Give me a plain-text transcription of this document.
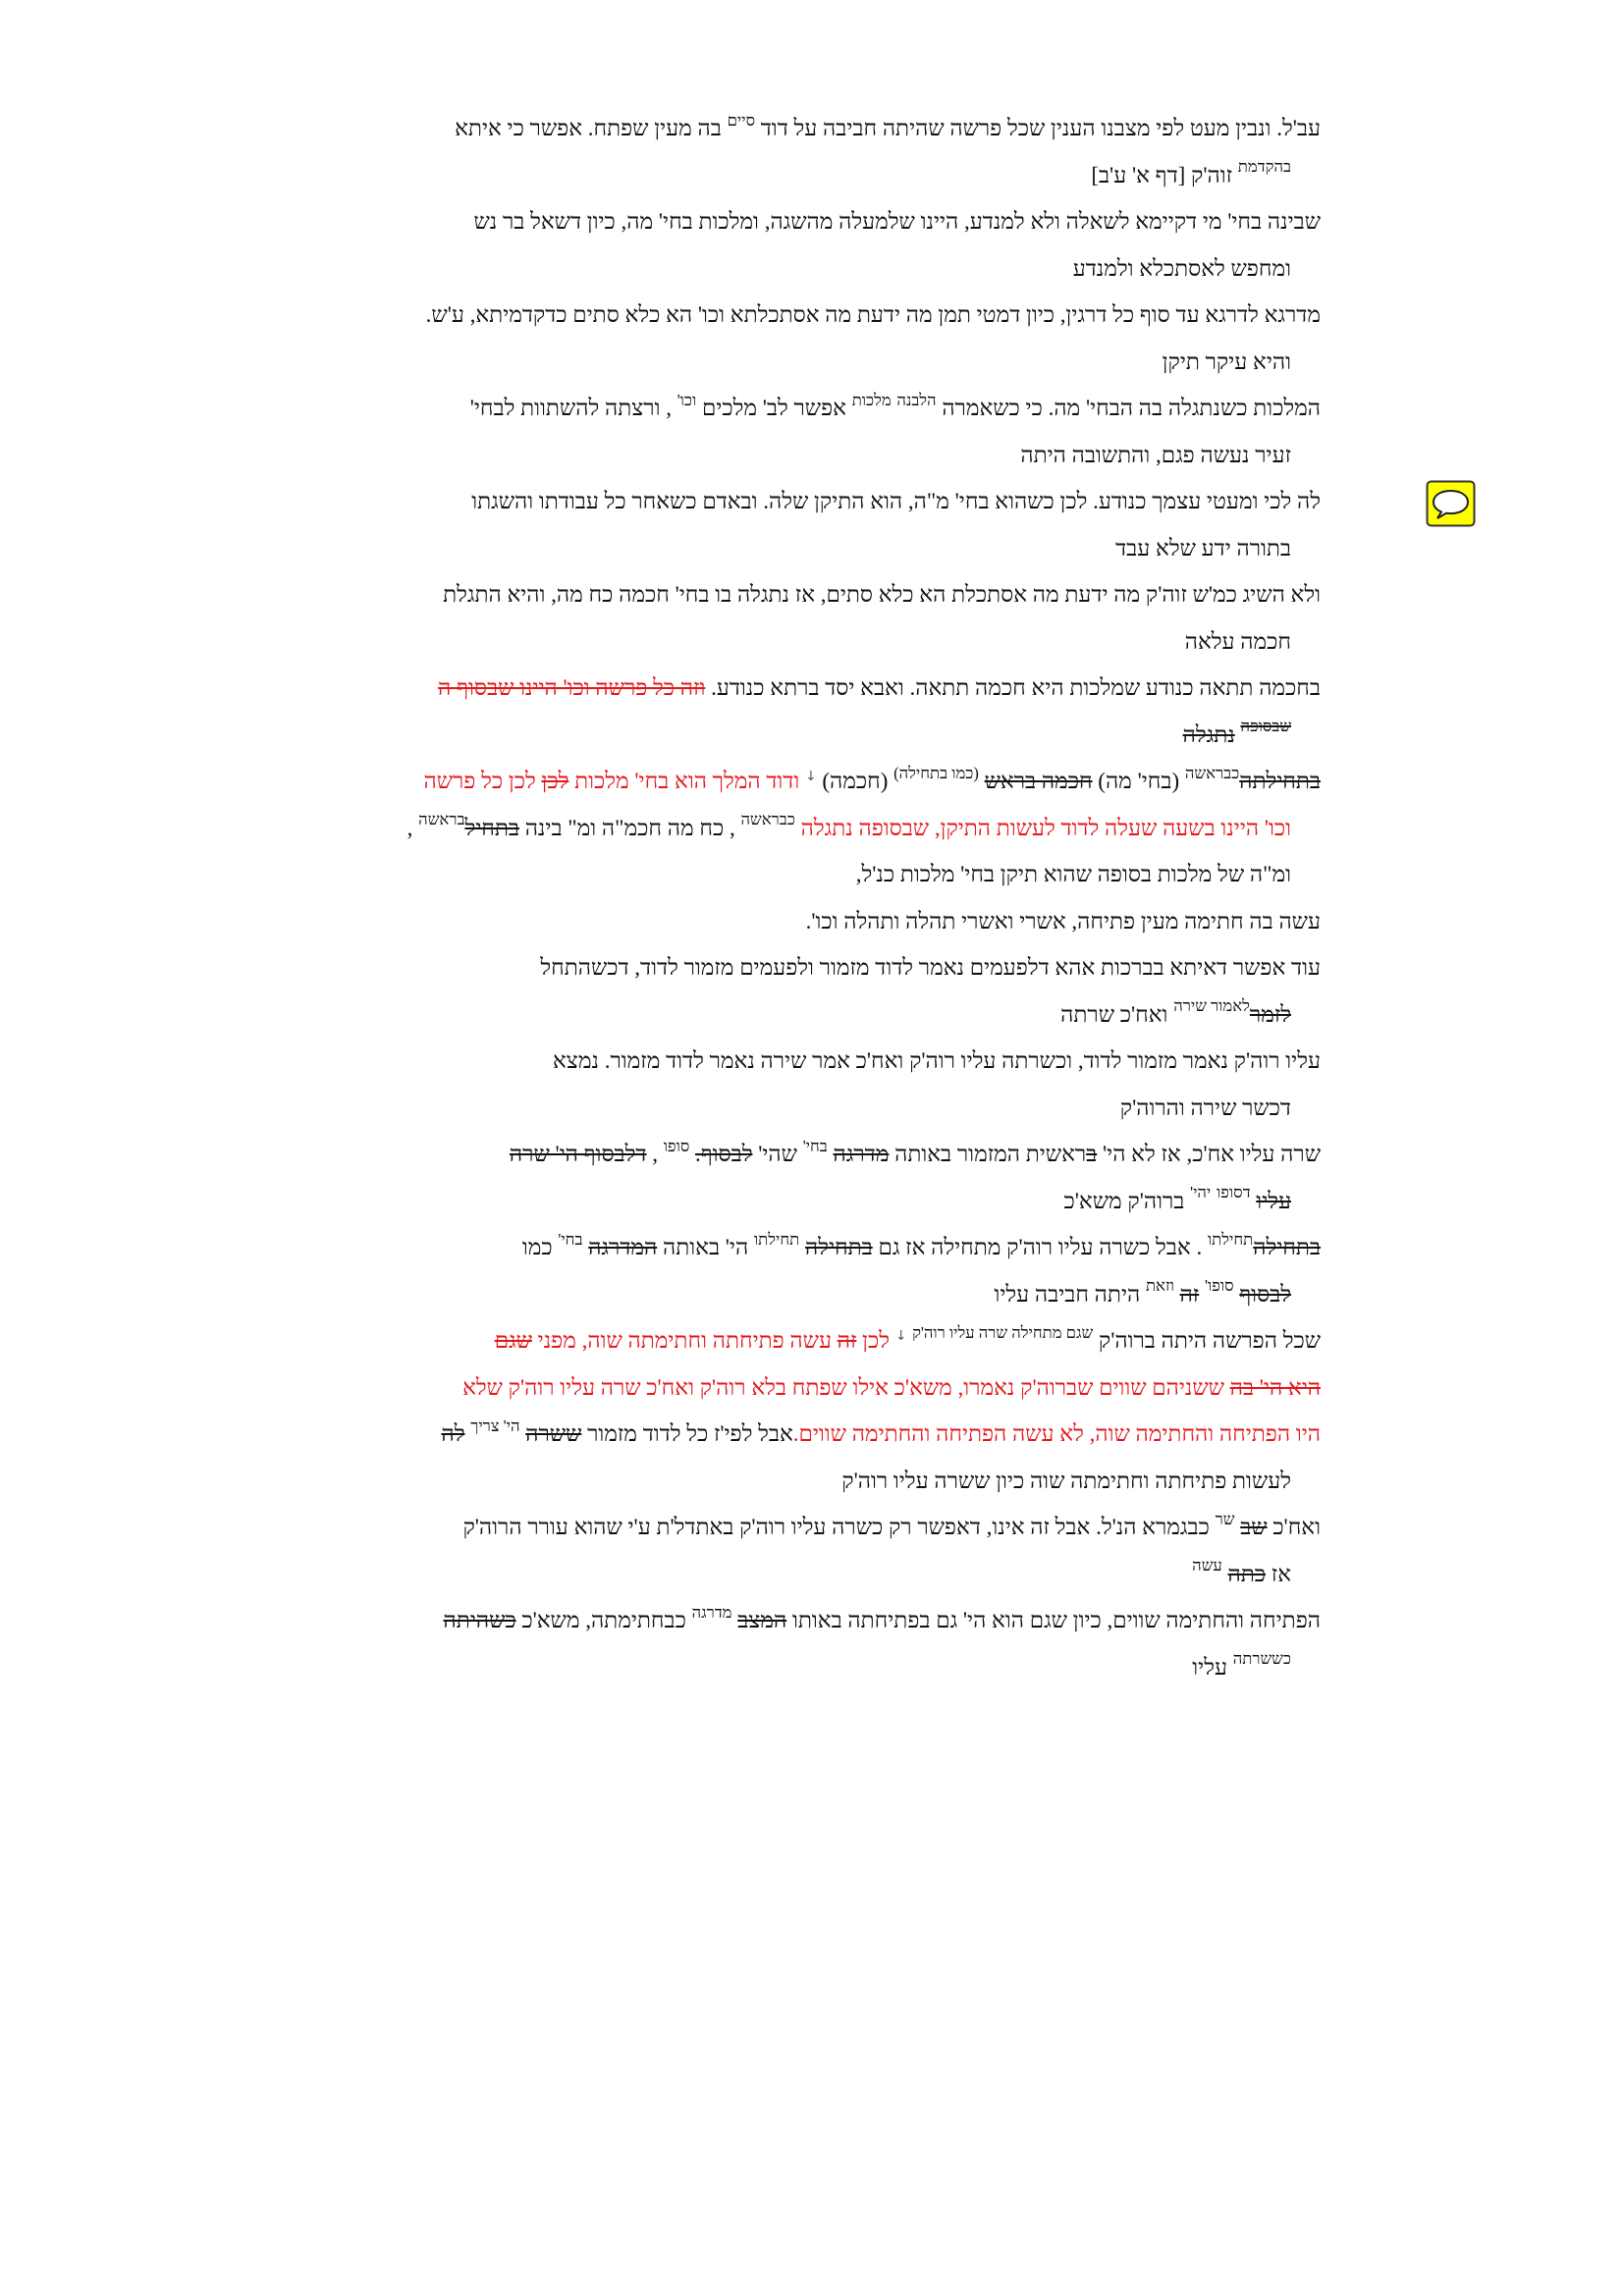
עב'ל. ונבין מעט לפי מצבנו הענין שכל פרשה שהיתה חביבה על דוד $^{סיים}$ בה מעין שפתח. אפשר כי איתא
$^{בהקדמת}$ זוה'ק [דף א' ע'ב]
שבינה בחי' מי דקיימא לשאלה ולא למנדע, היינו שלמעלה מהשגה, ומלכות בחי' מה, כיון דשאל בר נש
ומחפש לאסתכלא ולמנדע
מדרגא לדרגא עד סוף כל דרגין, כיון דמטי תמן מה ידעת מה אסתכלתא וכו' הא כלא סתים כדקדמיתא, ע'ש.
והיא עיקר תיקן
המלכות כשנתגלה בה הבחי' מה. כי כשאמרה $^{הלבנה}$ $^{מלכות}$ אפשר לב' מלכים $^{וכו'}$ , ורצתה להשתוות לבחי'
זעיר נעשה פגם, והתשובה היתה
לה לכי ומעטי עצמך כנודע. לכן כשהוא בחי' מ"ה, הוא התיקן שלה. ובאדם כשאחר כל עבודתו והשגתו
בתורה ידע שלא עבד
ולא השיג כמ'ש זוה'ק מה ידעת מה אסתכלת הא כלא סתים, אז נתגלה בו בחי' חכמה כח מה, והיא התגלת
חכמה עלאה
בחכמה תתאה כנודע שמלכות היא חכמה תתאה. ואבא יסד ברתא כנודע. וזה כל פרשה וכו' היינו שבסוף ה
$^{שבסופה}$ נתגלה
בתחילתה$^{כבראשה}$ (בחי' מה) חכמה בראש $^{(כמו בתחילה)}$ (חכמה) ↓ ודוד המלך הוא בחי' מלכות לכן לכן כל פרשה
וכו' היינו בשעה שעלה לדוד לעשות התיקן, שבסופה נתגלה $^{כבראשה}$ , כח מה חכמ"ה ומ" בינה בתחיל$^{בראשה}$ ,
ומ"ה של מלכות בסופה שהוא תיקן בחי' מלכות כנ'ל,
עשה בה חתימה מעין פתיחה, אשרי ואשרי תהלה ותהלה וכו'.
עוד אפשר דאיתא בברכות אהא דלפעמים נאמר לדוד מזמור ולפעמים מזמור לדוד, דכשהתחל
לזמר$^{לאמור שירה}$ ואח'כ שרתה
עליו רוה'ק נאמר מזמור לדוד, וכשרתה עליו רוה'ק ואח'כ אמר שירה נאמר לדוד מזמור. נמצא
דכשר שירה והרוה'ק
שרה עליו אח'כ, אז לא הי' בראשית המזמור באותה מדרגה $^{בחי'}$ שהי' לבסוף. $^{סופו}$ , דלבסוף הי' שרה
עליו $^{דסופו}$ $^{יהי'}$ ברוה'ק משא'כ
בתחילה$^{תחילתו}$ . אבל כשרה עליו רוה'ק מתחילה אז גם בתחילה $^{תחילתו}$ הי' באותה המדרגה $^{בחי'}$ כמו
לבסוף $^{סופו'}$ זה $^{וזאת}$ היתה חביבה עליו
שכל הפרשה היתה ברוה'ק $^{שגם מתחילה שרה עליו רוה'ק}$ ↓ לכן זה עשה פתיחתה וחתימתה שוה, מפני שגם
היא הי' בה ששניהם שווים שברוה'ק נאמרו, משא'כ אילו שפתח בלא רוה'ק ואח'כ שרה עליו רוה'ק שלא
היו הפתיחה והחתימה שוה, לא עשה הפתיחה והחתימה שווים.אבל לפי'ז כל לדוד מזמור ששרה $^{הי' צריך}$ לה
לעשות פתיחתה וחתימתה שוה כיון ששרה עליו רוה'ק
ואח'כ שב $^{שר}$ כבגמרא הנ'ל. אבל זה אינו, דאפשר רק כשרה עליו רוה'ק באתדל'ת ע'י שהוא עורר הרוה'ק
אז כתה $^{עשה}$
הפתיחה והחתימה שווים, כיון שגם הוא הי' גם בפתיחתה באותו המצב $^{מדרגה}$ כבחתימתה, משא'כ כשהיתה
$^{כששרתה}$ עליו
